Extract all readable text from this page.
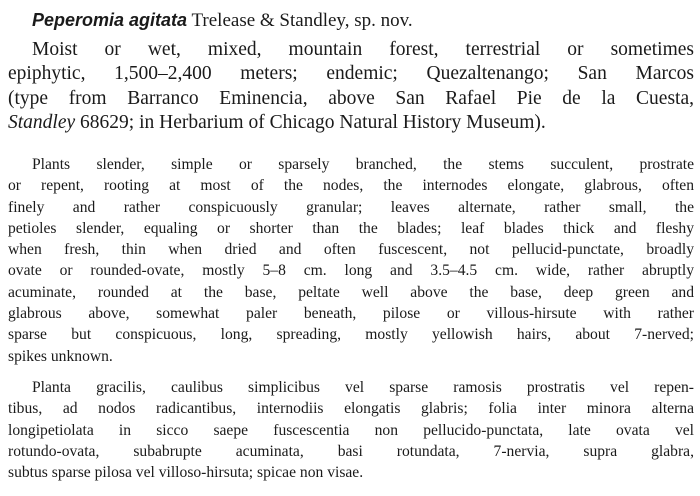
Peperomia agitata Trelease & Standley, sp. nov.
Moist or wet, mixed, mountain forest, terrestrial or sometimes
epiphytic, 1,500–2,400 meters; endemic; Quezaltenango; San Marcos
(type from Barranco Eminencia, above San Rafael Pie de la Cuesta,
Standley 68629; in Herbarium of Chicago Natural History Museum).
Plants slender, simple or sparsely branched, the stems succulent, prostrate
or repent, rooting at most of the nodes, the internodes elongate, glabrous, often
finely and rather conspicuously granular; leaves alternate, rather small, the
petioles slender, equaling or shorter than the blades; leaf blades thick and fleshy
when fresh, thin when dried and often fuscescent, not pellucid-punctate, broadly
ovate or rounded-ovate, mostly 5–8 cm. long and 3.5–4.5 cm. wide, rather abruptly
acuminate, rounded at the base, peltate well above the base, deep green and
glabrous above, somewhat paler beneath, pilose or villous-hirsute with rather
sparse but conspicuous, long, spreading, mostly yellowish hairs, about 7-nerved;
spikes unknown.
Planta gracilis, caulibus simplicibus vel sparse ramosis prostratis vel repen-
tibus, ad nodos radicantibus, internodiis elongatis glabris; folia inter minora alterna
longipetiolata in sicco saepe fuscescentia non pellucido-punctata, late ovata vel
rotundo-ovata, subabrupte acuminata, basi rotundata, 7-nervia, supra glabra,
subtus sparse pilosa vel villoso-hirsuta; spicae non visae.
